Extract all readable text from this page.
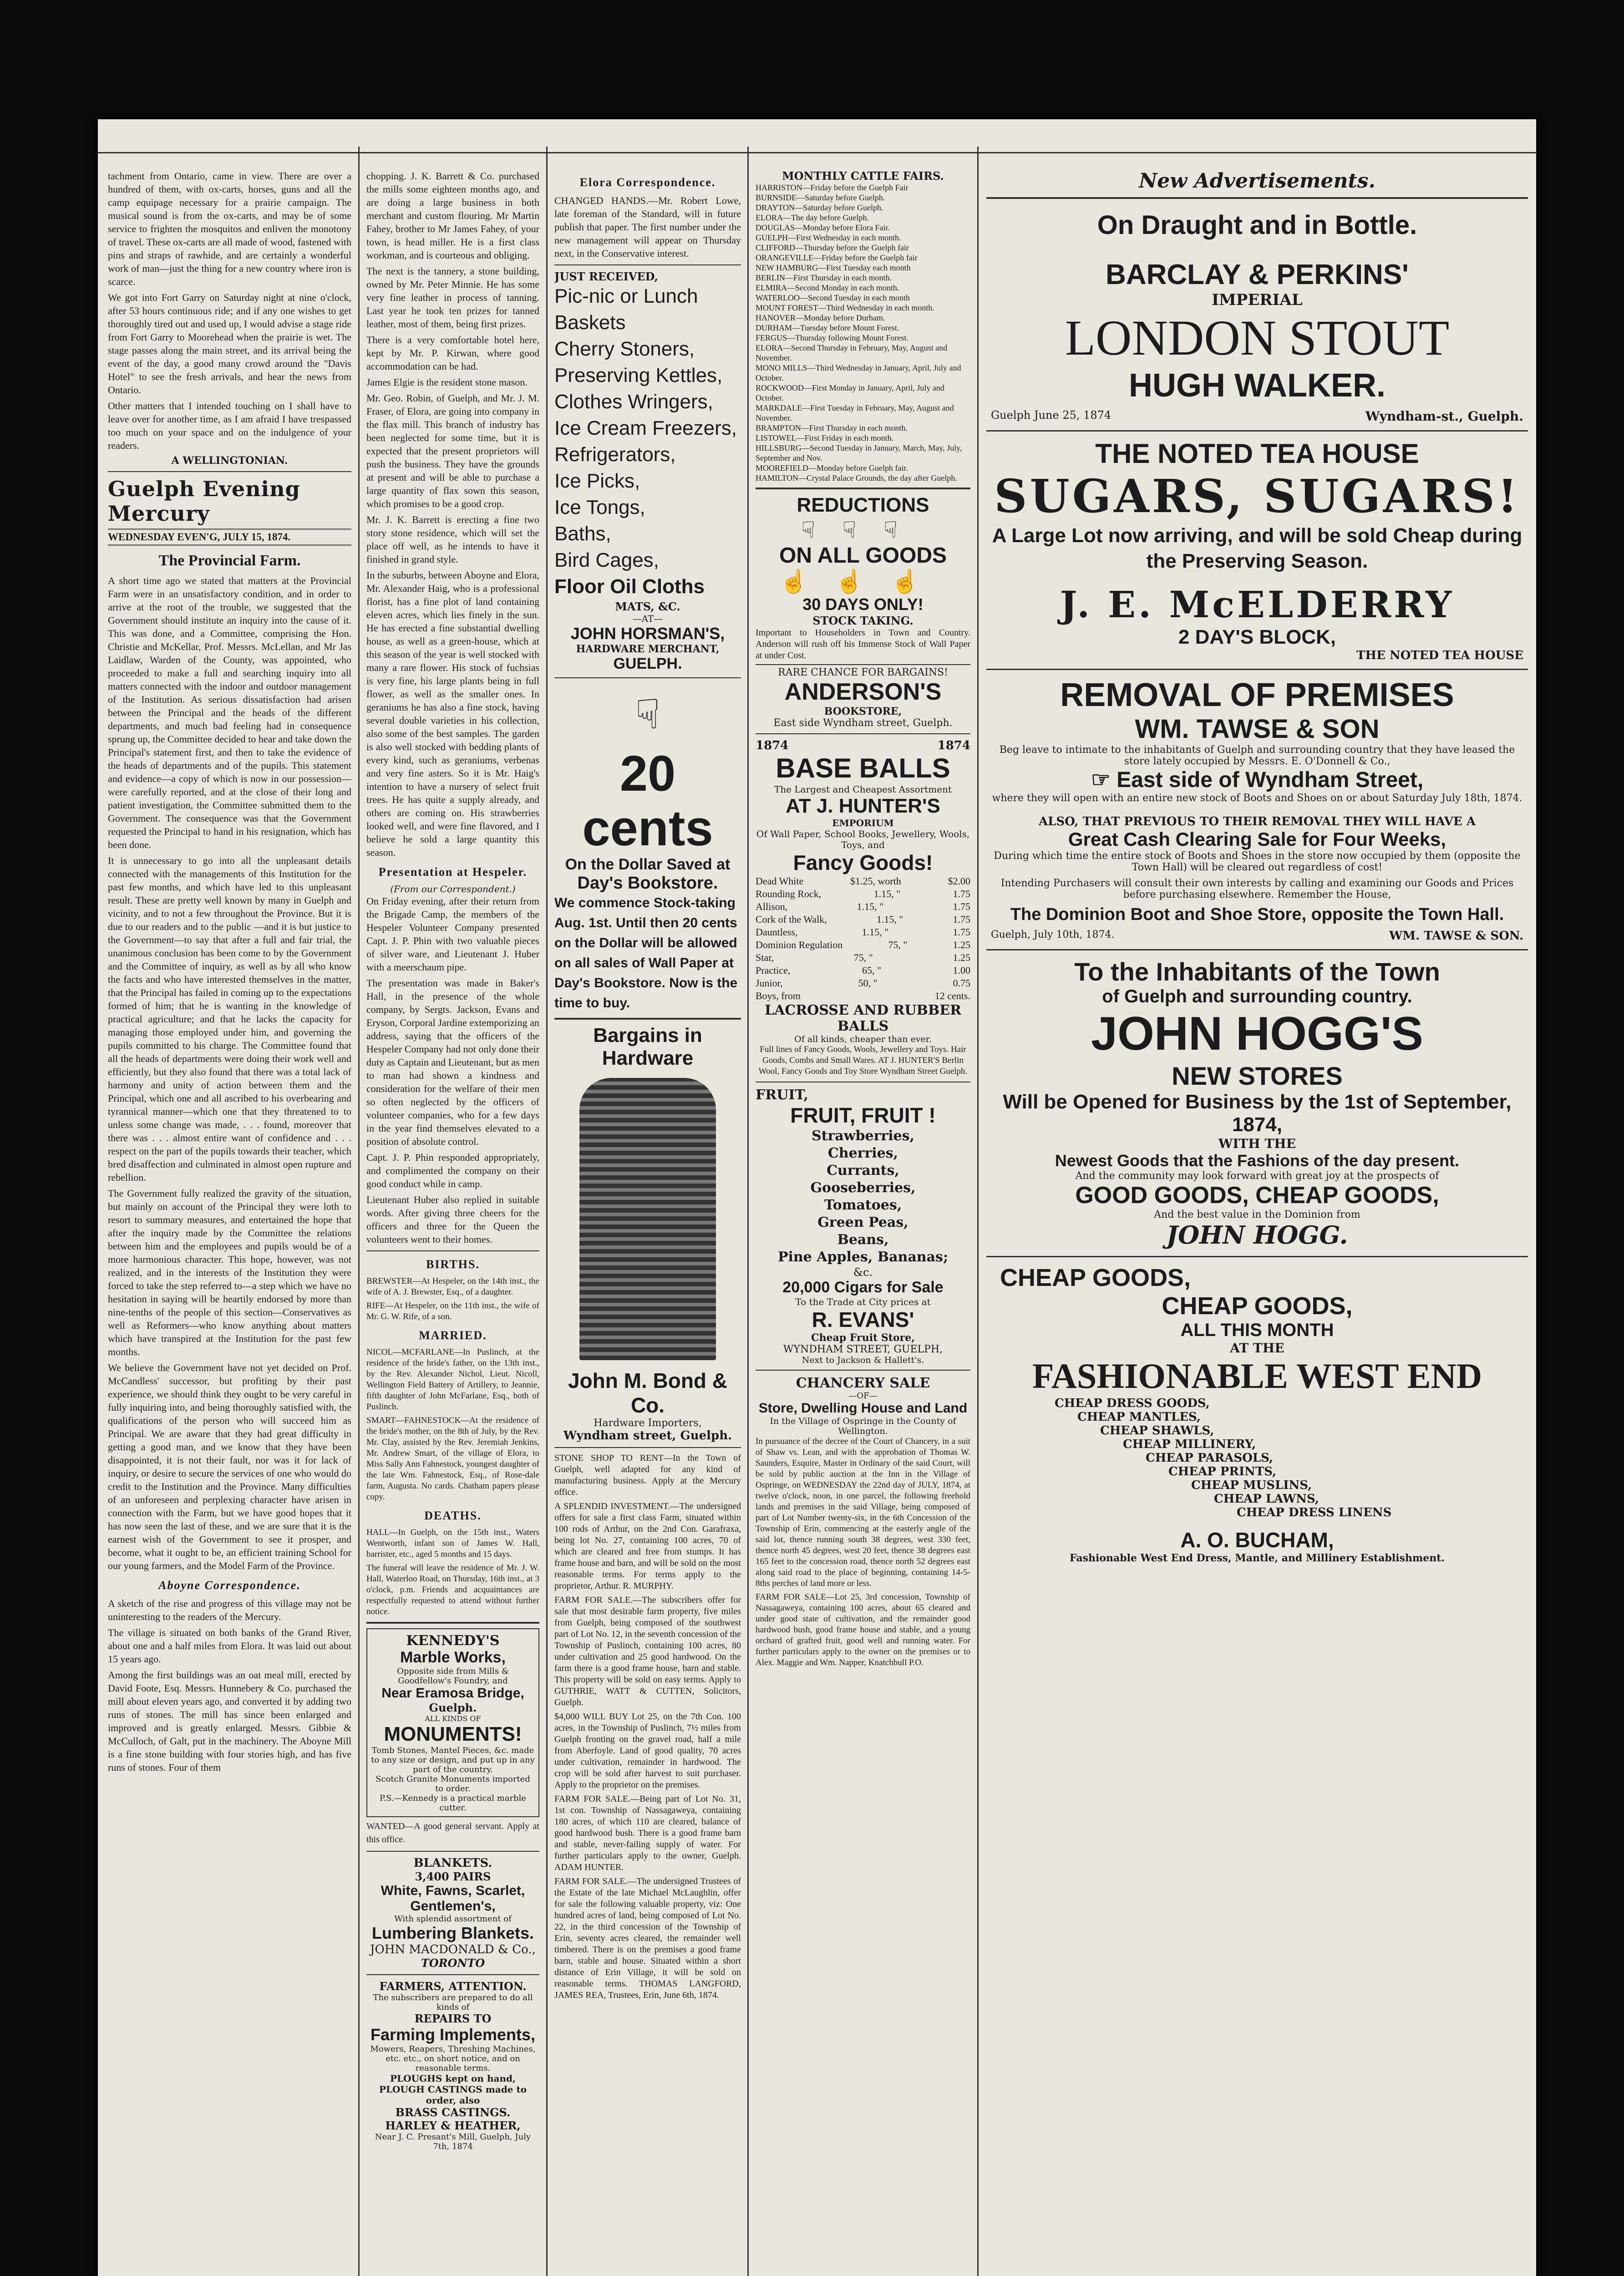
tachment from Ontario, came in view. There are over a hundred of them, with ox-carts, horses, guns and all the camp equipage necessary for a prairie campaign. The musical sound is from the ox-carts, and may be of some service to frighten the mosquitos and enliven the monotony of travel. These ox-carts are all made of wood, fastened with pins and straps of rawhide, and are certainly a wonderful work of man—just the thing for a new country where iron is scarce.

We got into Fort Garry on Saturday night at nine o'clock, after 53 hours continuous ride; and if any one wishes to get thoroughly tired out and used up, I would advise a stage ride from Fort Garry to Moorehead when the prairie is wet. The stage passes along the main street, and its arrival being the event of the day, a good many crowd around the "Davis Hotel" to see the fresh arrivals, and hear the news from Ontario.

Other matters that I intended touching on I shall have to leave over for another time, as I am afraid I have trespassed too much on your space and on the indulgence of your readers.

A WELLINGTONIAN.
Guelph Evening Mercury
WEDNESDAY EVEN'G, JULY 15, 1874.
The Provincial Farm.

A short time ago we stated that matters at the Provincial Farm were in an unsatisfactory condition, and in order to arrive at the root of the trouble, we suggested that the Government should institute an inquiry into the cause of it. This was done, and a Committee, comprising the Hon. Christie and McKellar, Prof. Messrs. McLellan, and Mr Jas Laidlaw, Warden of the County, was appointed, who proceeded to make a full and searching inquiry into all matters connected with the indoor and outdoor management of the Institution. As serious dissatisfaction had arisen between the Principal and the heads of the different departments, and much bad feeling had in consequence sprung up, the Committee decided to hear and take down the Principal's statement first, and then to take the evidence of the heads of departments and of the pupils. This statement and evidence—a copy of which is now in our possession—were carefully reported, and at the close of their long and patient investigation, the Committee submitted them to the Government. The consequence was that the Government requested the Principal to hand in his resignation, which has been done.

It is unnecessary to go into all the unpleasant details connected with the managements of this Institution for the past few months, and which have led to this unpleasant result. These are pretty well known by many in Guelph and vicinity, and to not a few throughout the Province. But it is due to our readers and to the public —and it is but justice to the Government—to say that after a full and fair trial, the unanimous conclusion has been come to by the Government and the Committee of inquiry, as well as by all who know the facts and who have interested themselves in the matter, that the Principal has failed in coming up to the expectations formed of him; that he is wanting in the knowledge of practical agriculture; and that he lacks the capacity for managing those employed under him, and governing the pupils committed to his charge. The Committee found that all the heads of departments were doing their work well and efficiently, but they also found that there was a total lack of harmony and unity of action between them and the Principal, which one and all ascribed to his overbearing and tyrannical manner—which one that they threatened to to unless some change was made, . . . found, moreover that there was . . . almost entire want of confidence and . . . respect on the part of the pupils towards their teacher, which bred disaffection and culminated in almost open rupture and rebellion.

The Government fully realized the gravity of the situation, but mainly on account of the Principal they were loth to resort to summary measures, and entertained the hope that after the inquiry made by the Committee the relations between him and the employees and pupils would be of a more harmonious character. This hope, however, was not realized, and in the interests of the Institution they were forced to take the step referred to—a step which we have no hesitation in saying will be heartily endorsed by more than nine-tenths of the people of this section—Conservatives as well as Reformers—who know anything about matters which have transpired at the Institution for the past few months.

We believe the Government have not yet decided on Prof. McCandless' successor, but profiting by their past experience, we should think they ought to be very careful in fully inquiring into, and being thoroughly satisfied with, the qualifications of the person who will succeed him as Principal. We are aware that they had great difficulty in getting a good man, and we know that they have been disappointed, it is not their fault, nor was it for lack of inquiry, or desire to secure the services of one who would do credit to the Institution and the Province. Many difficulties of an unforeseen and perplexing character have arisen in connection with the Farm, but we have good hopes that it has now seen the last of these, and we are sure that it is the earnest wish of the Government to see it prosper, and become, what it ought to be, an efficient training School for our young farmers, and the Model Farm of the Province.

Aboyne Correspondence.

A sketch of the rise and progress of this village may not be uninteresting to the readers of the Mercury.

The village is situated on both banks of the Grand River, about one and a half miles from Elora. It was laid out about 15 years ago.

Among the first buildings was an oat meal mill, erected by David Foote, Esq. Messrs. Hunnebery & Co. purchased the mill about eleven years ago, and converted it by adding two runs of stones. The mill has since been enlarged and improved and is greatly enlarged. Messrs. Gibbie & McCulloch, of Galt, put in the machinery. The Aboyne Mill is a fine stone building with four stories high, and has five runs of stones. Four of them

chopping. J. K. Barrett & Co. purchased the mills some eighteen months ago, and are doing a large business in both merchant and custom flouring. Mr Martin Fahey, brother to Mr James Fahey, of your town, is head miller. He is a first class workman, and is courteous and obliging.

The next is the tannery, a stone building, owned by Mr. Peter Minnie. He has some very fine leather in process of tanning. Last year he took ten prizes for tanned leather, most of them, being first prizes.

There is a very comfortable hotel here, kept by Mr. P. Kirwan, where good accommodation can be had.

James Elgie is the resident stone mason.

Mr. Geo. Robin, of Guelph, and Mr. J. M. Fraser, of Elora, are going into company in the flax mill. This branch of industry has been neglected for some time, but it is expected that the present proprietors will push the business. They have the grounds at present and will be able to purchase a large quantity of flax sown this season, which promises to be a good crop.

Mr. J. K. Barrett is erecting a fine two story stone residence, which will set the place off well, as he intends to have it finished in grand style.

In the suburbs, between Aboyne and Elora, Mr. Alexander Haig, who is a professional florist, has a fine plot of land containing eleven acres, which lies finely in the sun. He has erected a fine substantial dwelling house, as well as a green-house, which at this season of the year is well stocked with many a rare flower. His stock of fuchsias is very fine, his large plants being in full flower, as well as the smaller ones. In geraniums he has also a fine stock, having several double varieties in his collection, also some of the best samples. The garden is also well stocked with bedding plants of every kind, such as geraniums, verbenas and very fine asters. So it is Mr. Haig's intention to have a nursery of select fruit trees. He has quite a supply already, and others are coming on. His strawberries looked well, and were fine flavored, and I believe he sold a large quantity this season.

Presentation at Hespeler.
(From our Correspondent.)

On Friday evening, after their return from the Brigade Camp, the members of the Hespeler Volunteer Company presented Capt. J. P. Phin with two valuable pieces of silver ware, and Lieutenant J. Huber with a meerschaum pipe.

The presentation was made in Baker's Hall, in the presence of the whole company, by Sergts. Jackson, Evans and Eryson, Corporal Jardine extemporizing an address, saying that the officers of the Hespeler Company had not only done their duty as Captain and Lieutenant, but as men to man had shown a kindness and consideration for the welfare of their men so often neglected by the officers of volunteer companies, who for a few days in the year find themselves elevated to a position of absolute control.

Capt. J. P. Phin responded appropriately, and complimented the company on their good conduct while in camp.

Lieutenant Huber also replied in suitable words. After giving three cheers for the officers and three for the Queen the volunteers went to their homes.

BIRTHS.

BREWSTER—At Hespeler, on the 14th inst., the wife of A. J. Brewster, Esq., of a daughter.

RIFE—At Hespeler, on the 11th inst., the wife of Mr. G. W. Rife, of a son.

MARRIED.

NICOL—MCFARLANE—In Puslinch, at the residence of the bride's father, on the 13th inst., by the Rev. Alexander Nichol, Lieut. Nicoll, Wellington Field Battery of Artillery, to Jeannie, fifth daughter of John McFarlane, Esq., both of Puslinch.

SMART—FAHNESTOCK—At the residence of the bride's mother, on the 8th of July, by the Rev. Mr. Clay, assisted by the Rev. Jeremiah Jenkins, Mr. Andrew Smart, of the village of Elora, to Miss Sally Ann Fahnestock, youngest daughter of the late Wm. Fahnestock, Esq., of Rose-dale farm, Augusta. No cards. Chatham papers please copy.

DEATHS.

HALL—In Guelph, on the 15th inst., Waters Wentworth, infant son of James W. Hall, barrister, etc., aged 5 months and 15 days.

The funeral will leave the residence of Mr. J. W. Hall, Waterloo Road, on Thursday, 16th inst., at 3 o'clock, p.m. Friends and acquaintances are respectfully requested to attend without further notice.

KENNEDY'S
Marble Works,
Opposite side from Mills & Goodfellow's Foundry, and
Near Eramosa Bridge,
Guelph.
ALL KINDS OF
MONUMENTS!
Tomb Stones, Mantel Pieces, &c. made to any size or design, and put up in any part of the country.
Scotch Granite Monuments imported to order.
P.S.—Kennedy is a practical marble cutter.

WANTED—A good general servant. Apply at this office.

BLANKETS.
3,400 PAIRS
White, Fawns, Scarlet, Gentlemen's,
With splendid assortment of
Lumbering Blankets.
JOHN MACDONALD & Co.,
TORONTO
FARMERS, ATTENTION.
The subscribers are prepared to do all kinds of
REPAIRS TO
Farming Implements,
Mowers, Reapers, Threshing Machines, etc. etc., on short notice, and on reasonable terms.
PLOUGHS kept on hand, PLOUGH CASTINGS made to order, also
BRASS CASTINGS.
HARLEY & HEATHER,
Near J. C. Presant's Mill, Guelph, July 7th, 1874
Elora Correspondence.

CHANGED HANDS.—Mr. Robert Lowe, late foreman of the Standard, will in future publish that paper. The first number under the new management will appear on Thursday next, in the Conservative interest.

JUST RECEIVED,
Pic-nic or Lunch Baskets
Cherry Stoners,
Preserving Kettles,
Clothes Wringers,
Ice Cream Freezers,
Refrigerators,
Ice Picks,
Ice Tongs,
Baths,
Bird Cages,
Floor Oil Cloths
MATS, &C.
—AT—
JOHN HORSMAN'S,
HARDWARE MERCHANT,
GUELPH.
☟
20 cents
On the Dollar Saved at
Day's Bookstore.

We commence Stock-taking Aug. 1st. Until then 20 cents on the Dollar will be allowed on all sales of Wall Paper at Day's Bookstore. Now is the time to buy.

Bargains in Hardware
John M. Bond & Co.
Hardware Importers,
Wyndham street, Guelph.

STONE SHOP TO RENT—In the Town of Guelph, well adapted for any kind of manufacturing business. Apply at the Mercury office.

A SPLENDID INVESTMENT.—The undersigned offers for sale a first class Farm, situated within 100 rods of Arthur, on the 2nd Con. Garafraxa, being lot No. 27, containing 100 acres, 70 of which are cleared and free from stumps. It has frame house and barn, and will be sold on the most reasonable terms. For terms apply to the proprietor, Arthur. R. MURPHY.

FARM FOR SALE.—The subscribers offer for sale that most desirable farm property, five miles from Guelph, being composed of the southwest part of Lot No. 12, in the seventh concession of the Township of Puslinch, containing 100 acres, 80 under cultivation and 25 good hardwood. On the farm there is a good frame house, barn and stable. This property will be sold on easy terms. Apply to GUTHRIE, WATT & CUTTEN, Solicitors, Guelph.

$4,000 WILL BUY Lot 25, on the 7th Con. 100 acres, in the Township of Puslinch, 7½ miles from Guelph fronting on the gravel road, half a mile from Aberfoyle. Land of good quality, 70 acres under cultivation, remainder in hardwood. The crop will be sold after harvest to suit purchaser. Apply to the proprietor on the premises.

FARM FOR SALE.—Being part of Lot No. 31, 1st con. Township of Nassagaweya, containing 180 acres, of which 110 are cleared, balance of good hardwood bush. There is a good frame barn and stable, never-failing supply of water. For further particulars apply to the owner, Guelph. ADAM HUNTER.

FARM FOR SALE.—The undersigned Trustees of the Estate of the late Michael McLaughlin, offer for sale the following valuable property, viz: One hundred acres of land, being composed of Lot No. 22, in the third concession of the Township of Erin, seventy acres cleared, the remainder well timbered. There is on the premises a good frame barn, stable and house. Situated within a short distance of Erin Village, it will be sold on reasonable terms. THOMAS LANGFORD, JAMES REA, Trustees, Erin, June 6th, 1874.

MONTHLY CATTLE FAIRS.
HARRISTON—Friday before the Guelph Fair
BURNSIDE—Saturday before Guelph.
DRAYTON—Saturday before Guelph.
ELORA—The day before Guelph.
DOUGLAS—Monday before Elora Fair.
GUELPH—First Wednesday in each month.
CLIFFORD—Thursday before the Guelph fair
ORANGEVILLE—Friday before the Guelph fair
NEW HAMBURG—First Tuesday each month
BERLIN—First Thursday in each month.
ELMIRA—Second Monday in each month.
WATERLOO—Second Tuesday in each month
MOUNT FOREST—Third Wednesday in each month.
HANOVER—Monday before Durham.
DURHAM—Tuesday before Mount Forest.
FERGUS—Thursday following Mount Forest.
ELORA—Second Thursday in February, May, August and November.
MONO MILLS—Third Wednesday in January, April, July and October.
ROCKWOOD—First Monday in January, April, July and October.
MARKDALE—First Tuesday in February, May, August and November.
BRAMPTON—First Thursday in each month.
LISTOWEL—First Friday in each month.
HILLSBURG—Second Tuesday in January, March, May, July, September and Nov.
MOOREFIELD—Monday before Guelph fair.
HAMILTON—Crystal Palace Grounds, the day after Guelph.
REDUCTIONS
☟☟☟
ON ALL GOODS
☝☝☝
30 DAYS ONLY!
STOCK TAKING.

Important to Householders in Town and Country. Anderson will rush off his Immense Stock of Wall Paper at under Cost.

RARE CHANCE FOR BARGAINS!
ANDERSON'S
BOOKSTORE,
East side Wyndham street, Guelph.
1874	1874
BASE BALLS
The Largest and Cheapest Assortment
AT J. HUNTER'S
EMPORIUM
Of Wall Paper, School Books, Jewellery, Wools, Toys, and
Fancy Goods!
Dead White	$1.25, worth	$2.00
Rounding Rock,	1.15, "	1.75
Allison,	1.15, "	1.75
Cork of the Walk,	1.15, "	1.75
Dauntless,	1.15, "	1.75
Dominion Regulation	75, "	1.25
Star,	75, "	1.25
Practice,	65, "	1.00
Junior,	50, "	0.75
Boys, from	12 cents.
LACROSSE AND RUBBER BALLS
Of all kinds, cheaper than ever.

Full lines of Fancy Goods, Wools, Jewellery and Toys. Hair Goods, Combs and Small Wares. AT J. HUNTER'S Berlin Wool, Fancy Goods and Toy Store Wyndham Street Guelph.

FRUIT,
FRUIT, FRUIT !
Strawberries,
Cherries,
Currants,
Gooseberries,
Tomatoes,
Green Peas,
Beans,
Pine Apples, Bananas;
&c.
20,000 Cigars for Sale
To the Trade at City prices at
R. EVANS'
Cheap Fruit Store,
WYNDHAM STREET, GUELPH,
Next to Jackson & Hallett's.
CHANCERY SALE
—OF—
Store, Dwelling House and Land
In the Village of Ospringe in the County of Wellington.

In pursuance of the decree of the Court of Chancery, in a suit of Shaw vs. Lean, and with the approbation of Thomas W. Saunders, Esquire, Master in Ordinary of the said Court, will be sold by public auction at the Inn in the Village of Ospringe, on WEDNESDAY the 22nd day of JULY, 1874, at twelve o'clock, noon, in one parcel, the following freehold lands and premises in the said Village, being composed of part of Lot Number twenty-six, in the 6th Concession of the Township of Erin, commencing at the easterly angle of the said lot, thence running south 38 degrees, west 330 feet, thence north 45 degrees, west 20 feet, thence 38 degrees east 165 feet to the concession road, thence north 52 degrees east along said road to the place of beginning, containing 14-5-8ths perches of land more or less.

FARM FOR SALE—Lot 25, 3rd concession, Township of Nassagaweya, containing 100 acres, about 65 cleared and under good state of cultivation, and the remainder good hardwood bush, good frame house and stable, and a young orchard of grafted fruit, good well and running water. For further particulars apply to the owner on the premises or to Alex. Maggie and Wm. Napper, Knatchbull P.O.

New Advertisements.
On Draught and in Bottle.
BARCLAY & PERKINS'
IMPERIAL
LONDON STOUT
HUGH WALKER.
Guelph June 25, 1874	Wyndham-st., Guelph.
THE NOTED TEA HOUSE
SUGARS, SUGARS!
A Large Lot now arriving, and will be sold Cheap during the Preserving Season.
J. E. McELDERRY
2 DAY'S BLOCK,
THE NOTED TEA HOUSE
REMOVAL OF PREMISES
WM. TAWSE & SON
Beg leave to intimate to the inhabitants of Guelph and surrounding country that they have leased the store lately occupied by Messrs. E. O'Donnell & Co.,
☞ East side of Wyndham Street,
where they will open with an entire new stock of Boots and Shoes on or about Saturday July 18th, 1874.
ALSO, THAT PREVIOUS TO THEIR REMOVAL THEY WILL HAVE A
Great Cash Clearing Sale for Four Weeks,
During which time the entire stock of Boots and Shoes in the store now occupied by them (opposite the Town Hall) will be cleared out regardless of cost!
Intending Purchasers will consult their own interests by calling and examining our Goods and Prices before purchasing elsewhere. Remember the House,
The Dominion Boot and Shoe Store, opposite the Town Hall.
Guelph, July 10th, 1874.	WM. TAWSE & SON.
To the Inhabitants of the Town
of Guelph and surrounding country.
JOHN HOGG'S
NEW STORES
Will be Opened for Business by the 1st of September, 1874,
WITH THE
Newest Goods that the Fashions of the day present.
And the community may look forward with great joy at the prospects of
GOOD GOODS, CHEAP GOODS,
And the best value in the Dominion from
JOHN HOGG.
CHEAP GOODS,
CHEAP GOODS,
ALL THIS MONTH
AT THE
FASHIONABLE WEST END
CHEAP DRESS GOODS,
CHEAP MANTLES,
CHEAP SHAWLS,
CHEAP MILLINERY,
CHEAP PARASOLS,
CHEAP PRINTS,
CHEAP MUSLINS,
CHEAP LAWNS,
CHEAP DRESS LINENS
A. O. BUCHAM,
Fashionable West End Dress, Mantle, and Millinery Establishment.
